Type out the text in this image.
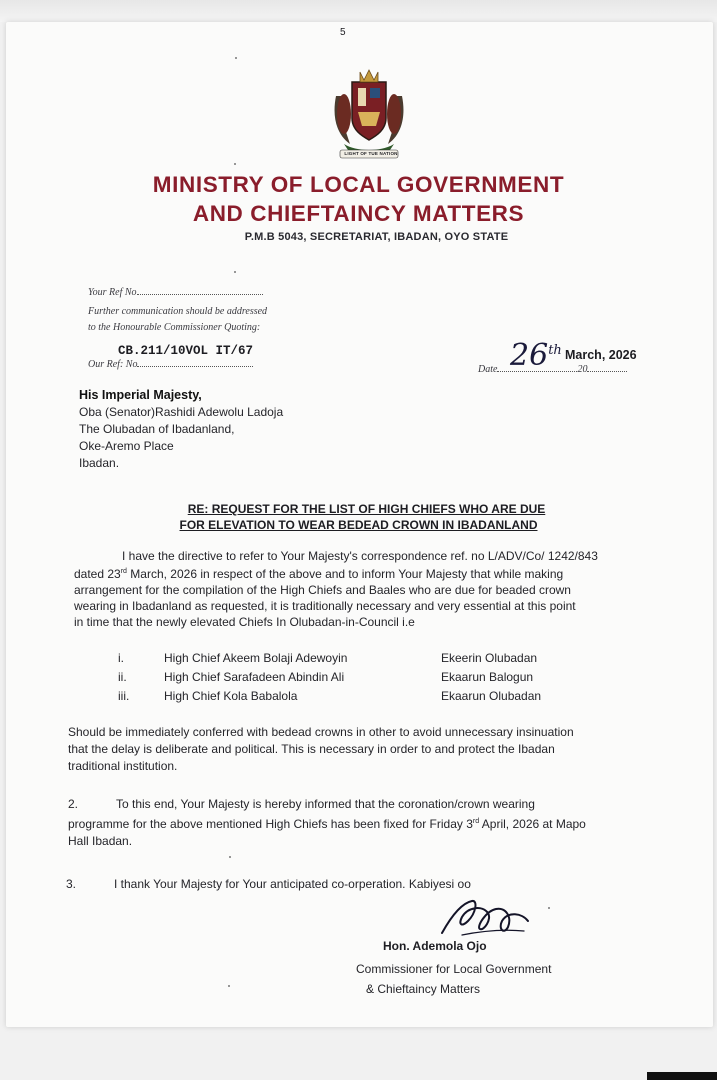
5
LIGHT OF TUE NATION
MINISTRY OF LOCAL GOVERNMENT
AND CHIEFTAINCY MATTERS
P.M.B 5043, SECRETARIAT, IBADAN, OYO STATE
Your Ref No
Further communication should be addressed
to the Honourable Commissioner Quoting:
CB.211/10VOL IT/67
Our Ref: No	26th March, 2026
Date	20
His Imperial Majesty,
Oba (Senator)Rashidi Adewolu Ladoja
The Olubadan of Ibadanland,
Oke-Aremo Place
Ibadan.
RE: REQUEST FOR THE LIST OF HIGH CHIEFS WHO ARE DUE
FOR ELEVATION TO WEAR BEDEAD CROWN IN IBADANLAND
I have the directive to refer to Your Majesty's correspondence ref. no L/ADV/Co/ 1242/843
dated 23rd March, 2026 in respect of the above and to inform Your Majesty that while making
arrangement for the compilation of the High Chiefs and Baales who are due for beaded crown
wearing in Ibadanland as requested, it is traditionally necessary and very essential at this point
in time that the newly elevated Chiefs In Olubadan-in-Council i.e
i.	High Chief Akeem Bolaji Adewoyin	Ekeerin Olubadan
ii.	High Chief Sarafadeen Abindin Ali	Ekaarun Balogun
iii.	High Chief Kola Babalola	Ekaarun Olubadan
Should be immediately conferred with bedead crowns in other to avoid unnecessary insinuation
that the delay is deliberate and political. This is necessary in order to and protect the Ibadan
traditional institution.
2.	To this end, Your Majesty is hereby informed that the coronation/crown wearing
programme for the above mentioned High Chiefs has been fixed for Friday 3rd April, 2026 at Mapo
Hall Ibadan.
3.	I thank Your Majesty for Your anticipated co-orperation. Kabiyesi oo
Hon. Ademola Ojo
Commissioner for Local Government
& Chieftaincy Matters
